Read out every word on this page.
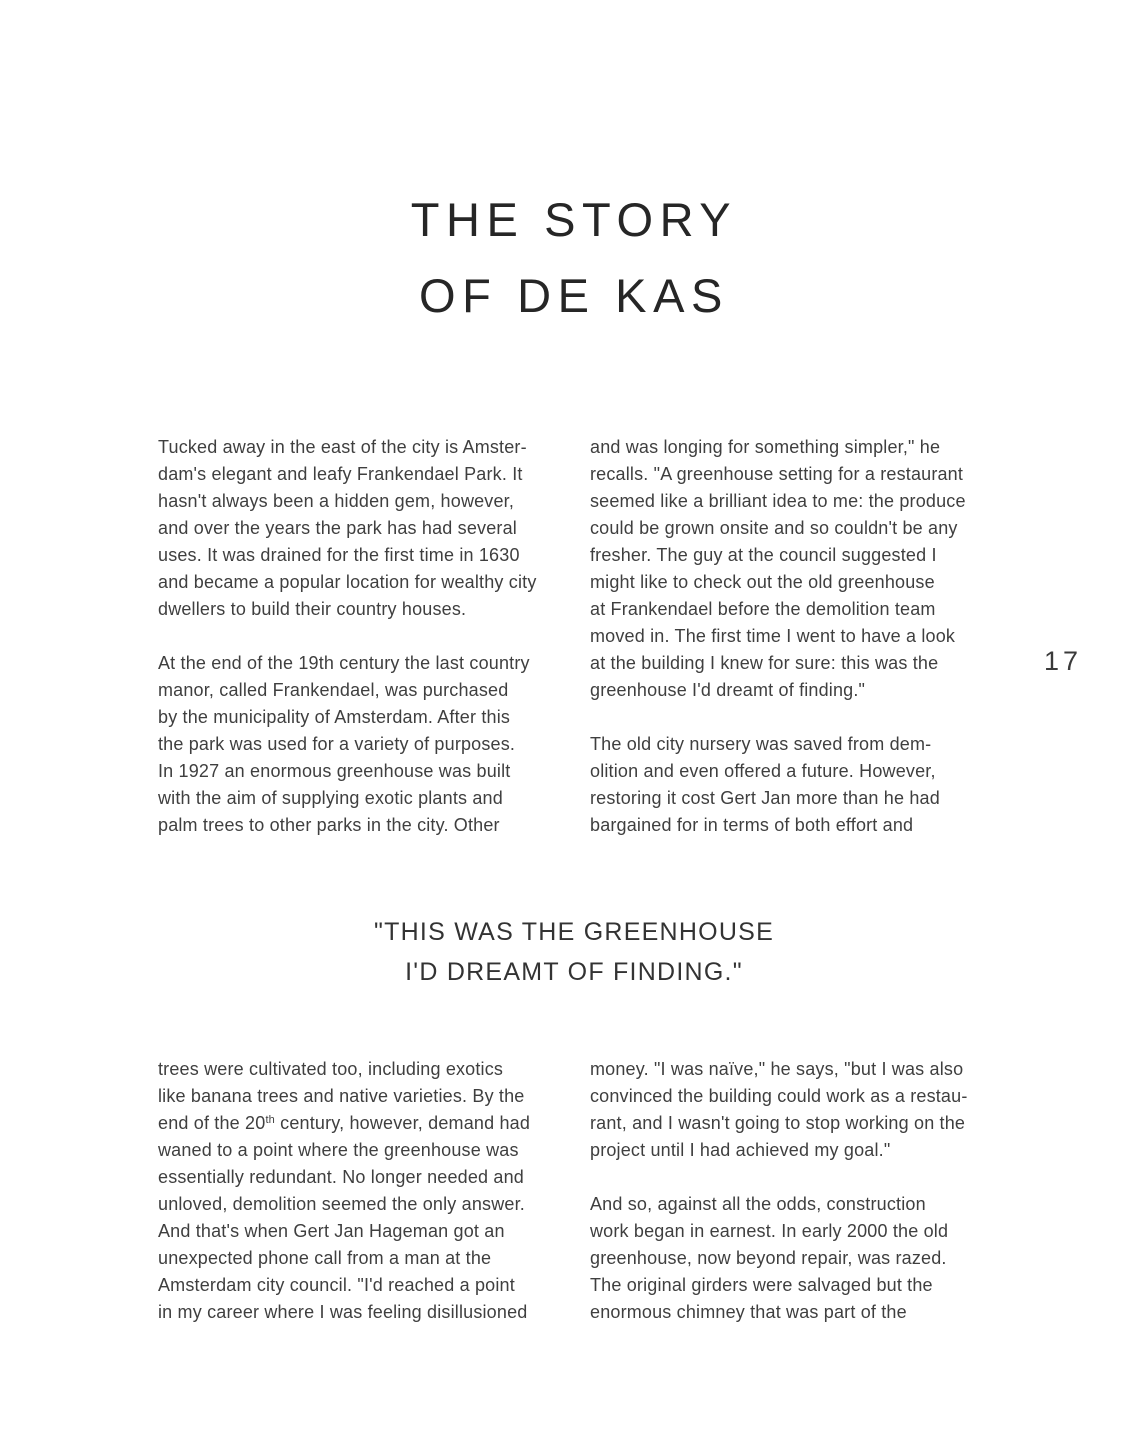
THE STORY
OF DE KAS
17
Tucked away in the east of the city is Amster-
dam's elegant and leafy Frankendael Park. It
hasn't always been a hidden gem, however,
and over the years the park has had several
uses. It was drained for the first time in 1630
and became a popular location for wealthy city
dwellers to build their country houses.
At the end of the 19th century the last country
manor, called Frankendael, was purchased
by the municipality of Amsterdam. After this
the park was used for a variety of purposes.
In 1927 an enormous greenhouse was built
with the aim of supplying exotic plants and
palm trees to other parks in the city. Other
and was longing for something simpler," he
recalls. "A greenhouse setting for a restaurant
seemed like a brilliant idea to me: the produce
could be grown onsite and so couldn't be any
fresher. The guy at the council suggested I
might like to check out the old greenhouse
at Frankendael before the demolition team
moved in. The first time I went to have a look
at the building I knew for sure: this was the
greenhouse I'd dreamt of finding."
The old city nursery was saved from dem-
olition and even offered a future. However,
restoring it cost Gert Jan more than he had
bargained for in terms of both effort and
"THIS WAS THE GREENHOUSE
I'D DREAMT OF FINDING."
trees were cultivated too, including exotics
like banana trees and native varieties. By the
end of the 20th century, however, demand had
waned to a point where the greenhouse was
essentially redundant. No longer needed and
unloved, demolition seemed the only answer.
And that's when Gert Jan Hageman got an
unexpected phone call from a man at the
Amsterdam city council. "I'd reached a point
in my career where I was feeling disillusioned
money. "I was naïve," he says, "but I was also
convinced the building could work as a restau-
rant, and I wasn't going to stop working on the
project until I had achieved my goal."
And so, against all the odds, construction
work began in earnest. In early 2000 the old
greenhouse, now beyond repair, was razed.
The original girders were salvaged but the
enormous chimney that was part of the
